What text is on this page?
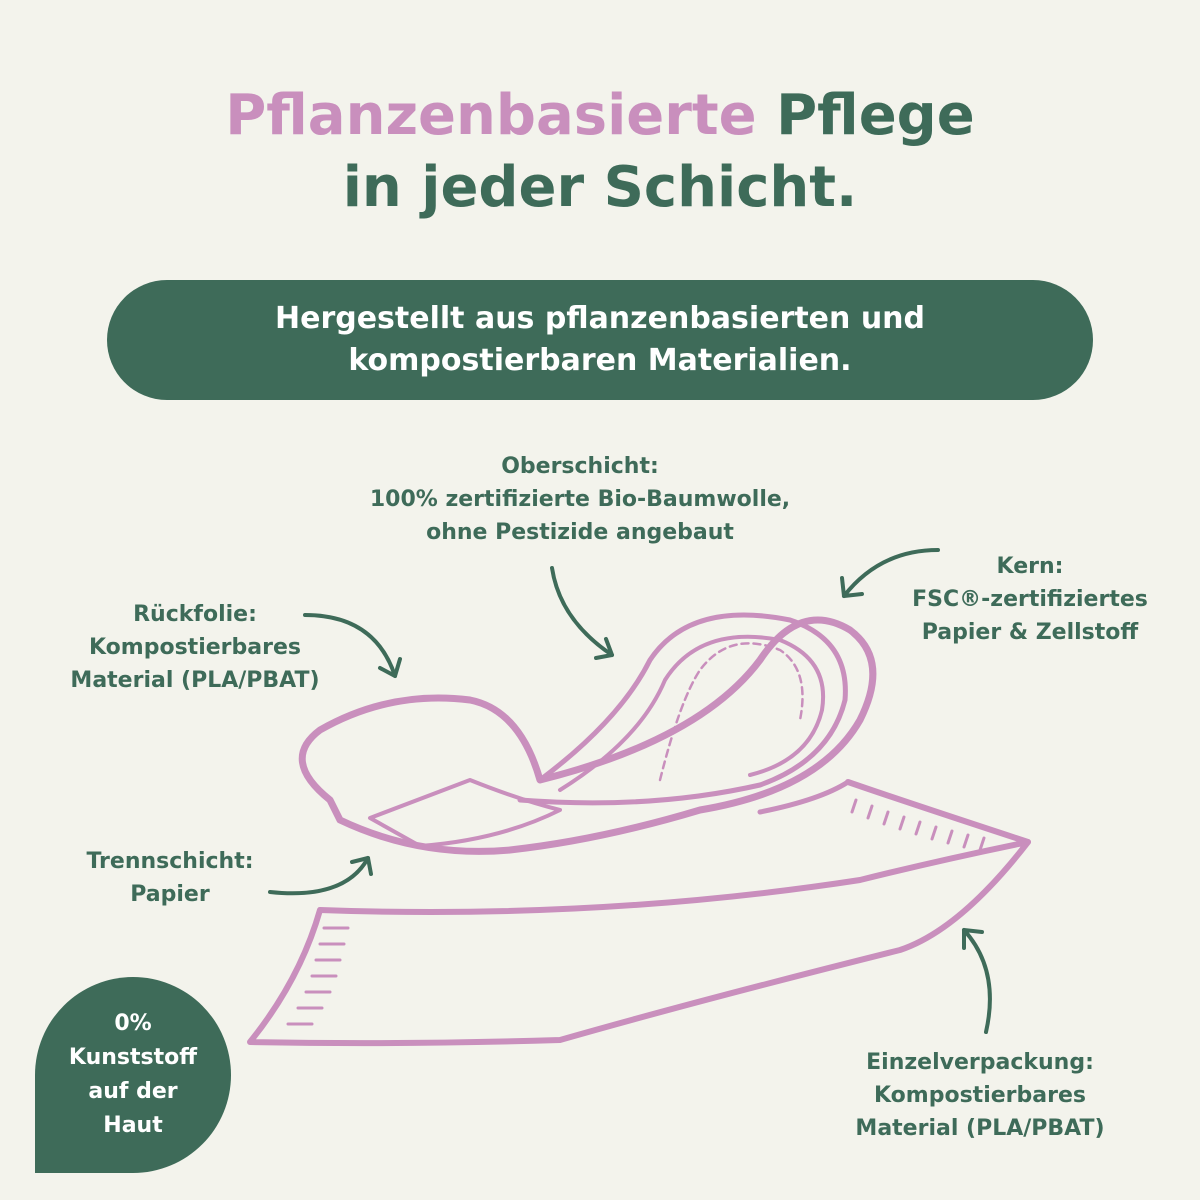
Pflanzenbasierte Pflege
in jeder Schicht.
Hergestellt aus pflanzenbasierten und
kompostierbaren Materialien.
Oberschicht:
100% zertifizierte Bio-Baumwolle,
ohne Pestizide angebaut
Kern:
FSC®-zertifiziertes
Papier & Zellstoff
Rückfolie:
Kompostierbares
Material (PLA/PBAT)
Trennschicht:
Papier
Einzelverpackung:
Kompostierbares
Material (PLA/PBAT)
0%
Kunststoff
auf der
Haut
